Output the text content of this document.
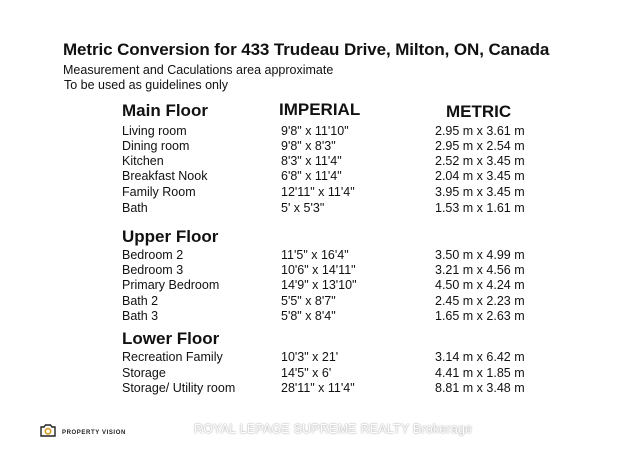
Metric Conversion for 433 Trudeau Drive, Milton, ON, Canada
Measurement and Caculations area approximate
To be used as guidelines only
Main Floor	IMPERIAL	METRIC
Living room	9'8" x 11'10"	2.95 m x 3.61 m
Dining room	9'8" x 8'3"	2.95 m x 2.54 m
Kitchen	8'3" x 11'4"	2.52 m x 3.45 m
Breakfast Nook	6'8" x 11'4"	2.04 m x 3.45 m
Family Room	12'11" x 11'4"	3.95 m x 3.45 m
Bath	5' x 5'3"	1.53 m x 1.61 m
Upper Floor
Bedroom 2	11'5" x 16'4"	3.50 m x 4.99 m
Bedroom 3	10'6" x 14'11"	3.21 m x 4.56 m
Primary Bedroom	14'9" x 13'10"	4.50 m x 4.24 m
Bath 2	5'5" x 8'7"	2.45 m x 2.23 m
Bath 3	5'8" x 8'4"	1.65 m x 2.63 m
Lower Floor
Recreation Family	10'3" x 21'	3.14 m x 6.42 m
Storage	14'5" x 6'	4.41 m x 1.85 m
Storage/ Utility room	28'11" x 11'4"	8.81 m x 3.48 m
PROPERTY VISION	ROYAL LEPAGE SUPREME REALTY Brokerage
